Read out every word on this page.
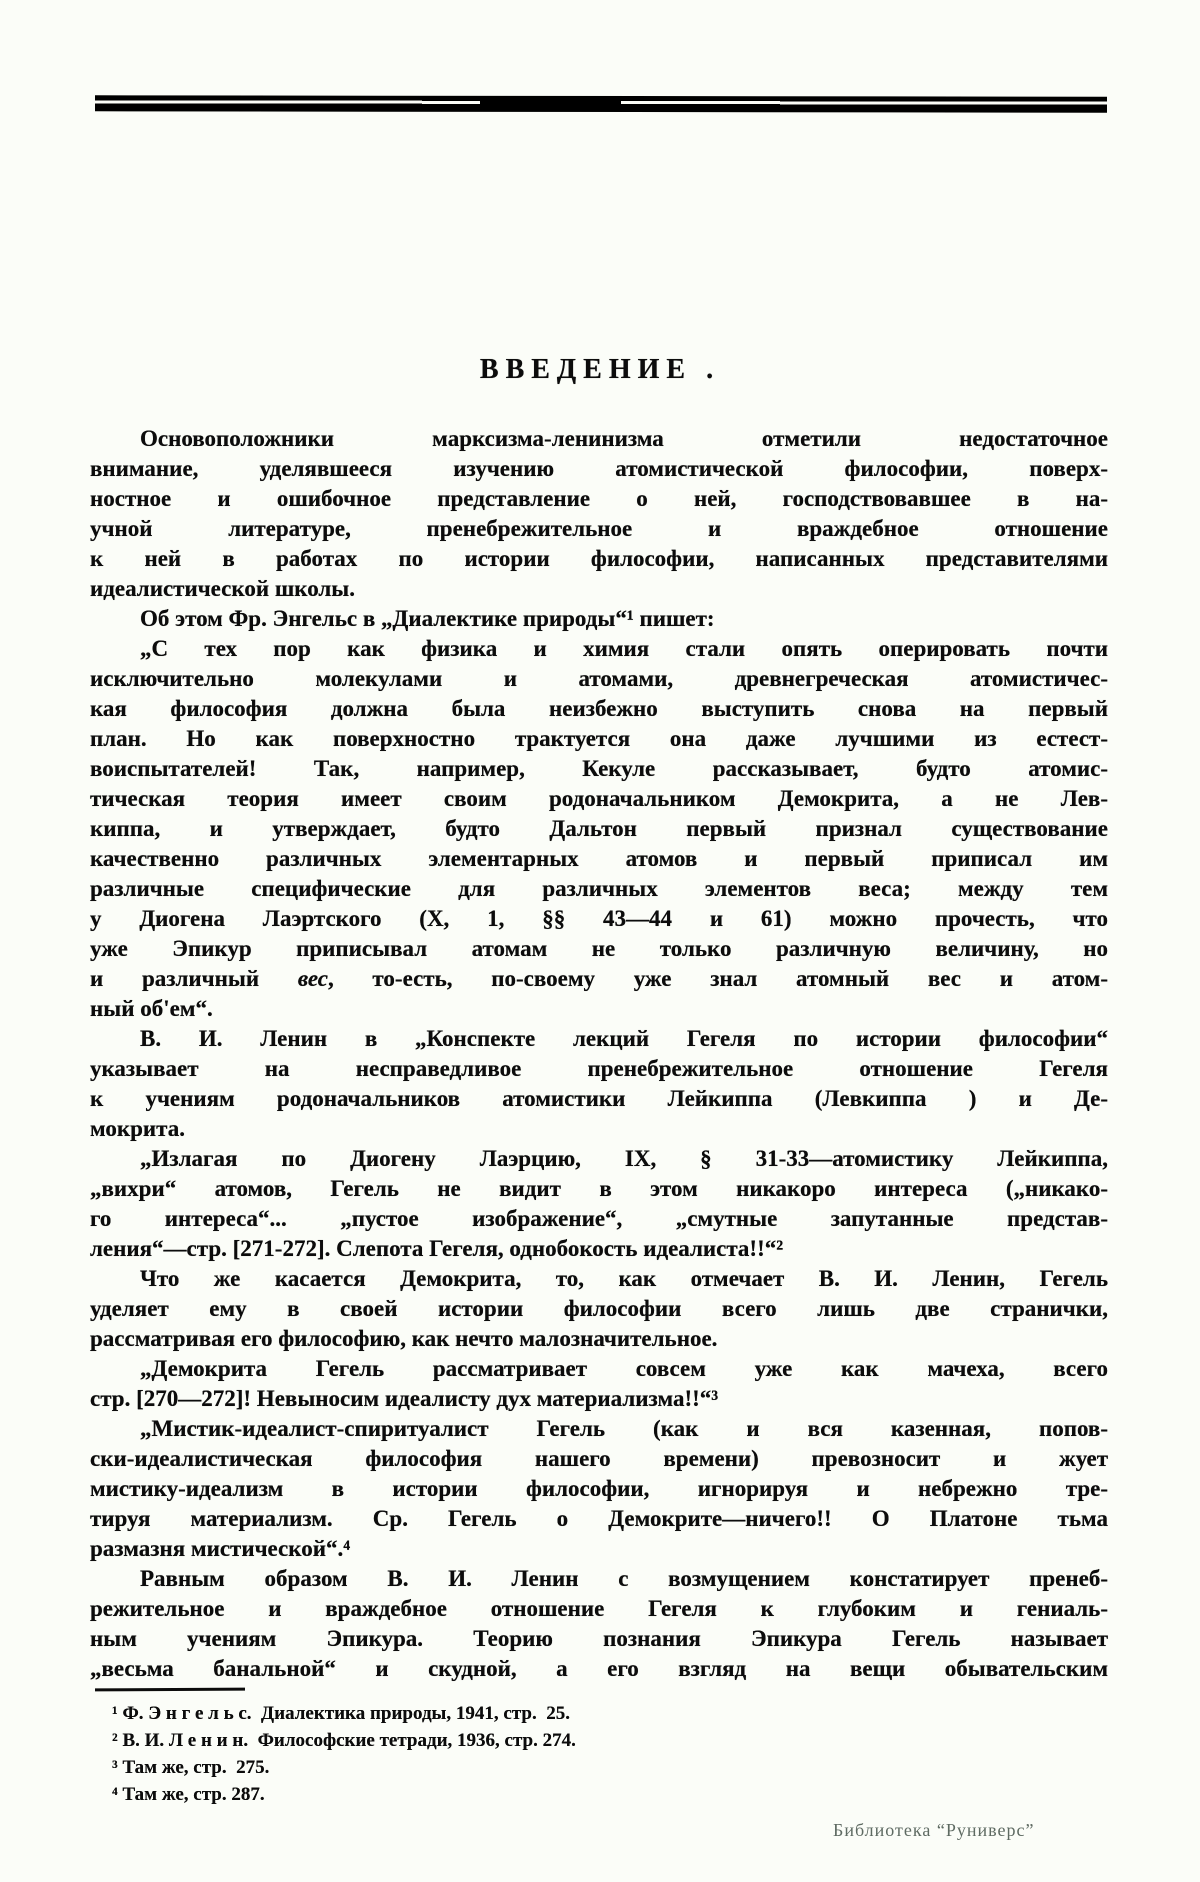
ВВЕДЕНИЕ .
Основоположники марксизма-ленинизма отметили недостаточное
внимание, уделявшееся изучению атомистической философии, поверх-
ностное и ошибочное представление о ней, господствовавшее в на-
учной литературе, пренебрежительное и враждебное отношение
к ней в работах по истории философии, написанных представителями
идеалистической школы.
Об этом Фр. Энгельс в „Диалектике природы“¹ пишет:
„С тех пор как физика и химия стали опять оперировать почти
исключительно молекулами и атомами, древнегреческая атомистичес-
кая философия должна была неизбежно выступить снова на первый
план. Но как поверхностно трактуется она даже лучшими из естест-
воиспытателей! Так, например, Кекуле рассказывает, будто атомис-
тическая теория имеет своим родоначальником Демокрита, а не Лев-
киппа, и утверждает, будто Дальтон первый признал существование
качественно различных элементарных атомов и первый приписал им
различные специфические для различных элементов веса; между тем
у Диогена Лаэртского (X, 1, §§ 43—44 и 61) можно прочесть, что
уже Эпикур приписывал атомам не только различную величину, но
и различный вес, то-есть, по-своему уже знал атомный вес и атом-
ный об'ем“.
В. И. Ленин в „Конспекте лекций Гегеля по истории философии“
указывает на несправедливое пренебрежительное отношение Гегеля
к учениям родоначальников атомистики Лейкиппа (Левкиппа ) и Де-
мокрита.
„Излагая по Диогену Лаэрцию, IX, § 31-33—атомистику Лейкиппа,
„вихри“ атомов, Гегель не видит в этом никакоро интереса („никако-
го интереса“... „пустое изображение“, „смутные запутанные представ-
ления“—стр. [271-272]. Слепота Гегеля, однобокость идеалиста!!“²
Что же касается Демокрита, то, как отмечает В. И. Ленин, Гегель
уделяет ему в своей истории философии всего лишь две странички,
рассматривая его философию, как нечто малозначительное.
„Демокрита Гегель рассматривает совсем уже как мачеха, всего
стр. [270—272]! Невыносим идеалисту дух материализма!!“³
„Мистик-идеалист-спиритуалист Гегель (как и вся казенная, попов-
ски-идеалистическая философия нашего времени) превозносит и жует
мистику-идеализм в истории философии, игнорируя и небрежно тре-
тируя материализм. Ср. Гегель о Демокрите—ничего!! О Платоне тьма
размазня мистической“.⁴
Равным образом В. И. Ленин с возмущением констатирует пренеб-
режительное и враждебное отношение Гегеля к глубоким и гениаль-
ным учениям Эпикура. Теорию познания Эпикура Гегель называет
„весьма банальной“ и скудной, а его взгляд на вещи обывательским
¹ Ф. Э н г е л ь с.  Диалектика природы, 1941, стр.  25.
² В. И. Л е н и н.  Философские тетради, 1936, стр. 274.
³ Там же, стр.  275.
⁴ Там же, стр. 287.
Библиотека “Руниверс”
